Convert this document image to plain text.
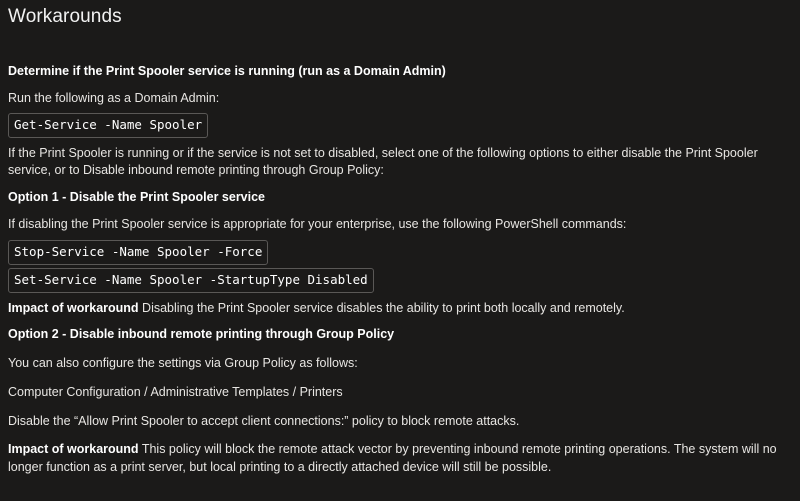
Workarounds
Determine if the Print Spooler service is running (run as a Domain Admin)
Run the following as a Domain Admin:
Get-Service -Name Spooler
If the Print Spooler is running or if the service is not set to disabled, select one of the following options to either disable the Print Spooler service, or to Disable inbound remote printing through Group Policy:
Option 1 - Disable the Print Spooler service
If disabling the Print Spooler service is appropriate for your enterprise, use the following PowerShell commands:
Stop-Service -Name Spooler -Force
Set-Service -Name Spooler -StartupType Disabled
Impact of workaround Disabling the Print Spooler service disables the ability to print both locally and remotely.
Option 2 - Disable inbound remote printing through Group Policy
You can also configure the settings via Group Policy as follows:
Computer Configuration / Administrative Templates / Printers
Disable the “Allow Print Spooler to accept client connections:” policy to block remote attacks.
Impact of workaround This policy will block the remote attack vector by preventing inbound remote printing operations. The system will no longer function as a print server, but local printing to a directly attached device will still be possible.
